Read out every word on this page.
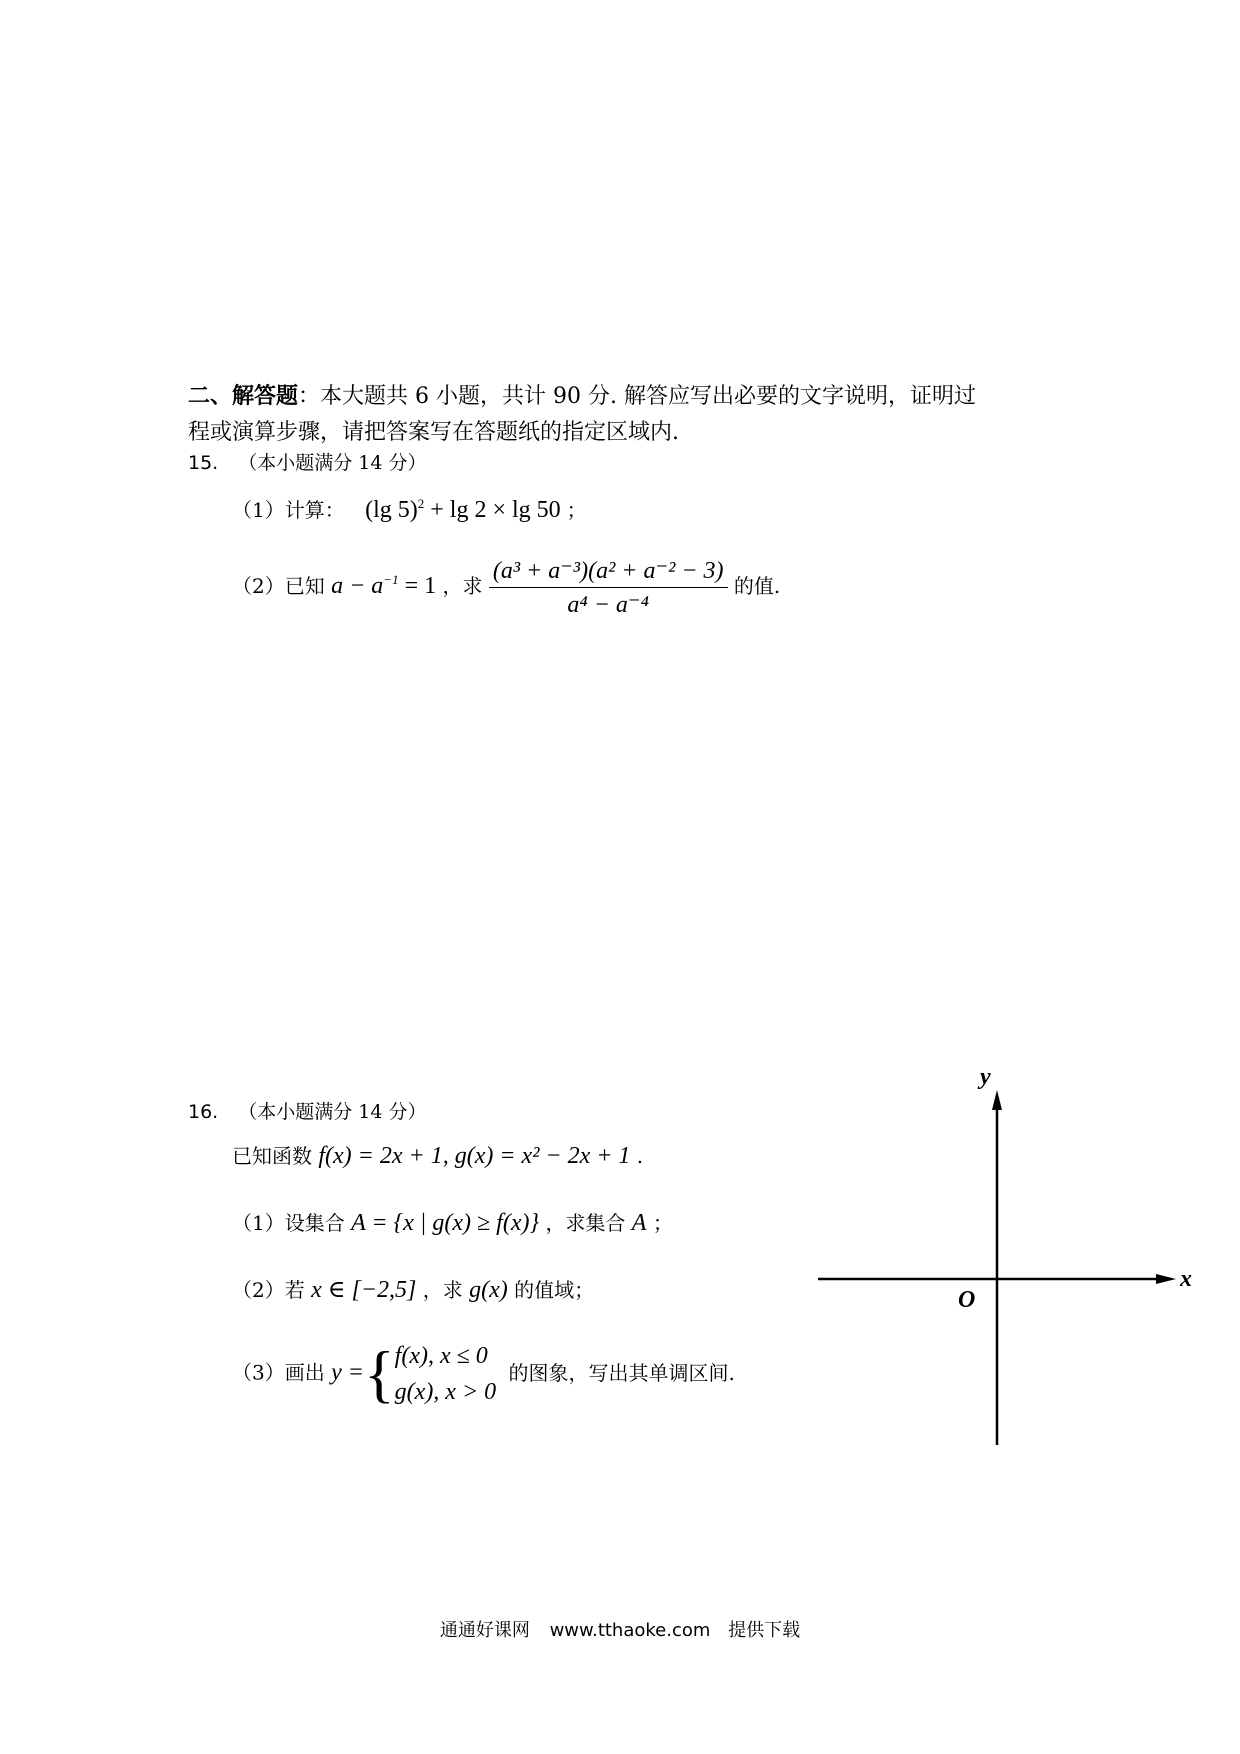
二、解答题：本大题共 6 小题，共计 90 分. 解答应写出必要的文字说明，证明过
程或演算步骤，请把答案写在答题纸的指定区域内.
15. （本小题满分 14 分）
（1）计算： (lg 5)$^2$ + lg 2 × lg 50 ；
（2）已知 $a - a^{-1} = 1$ ，求 $\frac{\text{(a³ + a⁻³)(a² + a⁻² − 3)}}{\text{a⁴ − a⁻⁴}}$ 的值.
16. （本小题满分 14 分）
已知函数 f(x) = 2x + 1, g(x) = x² − 2x + 1 .
（1）设集合 A = {x | g(x) ≥ f(x)} ，求集合 A ；
（2）若 x ∈ [−2,5] ，求 g(x) 的值域；
（3）画出 y ={ f(x), x ≤ 0
g(x), x > 0
的图象，写出其单调区间.
x
y
O
通通好课网 www.tthaoke.com 提供下载
